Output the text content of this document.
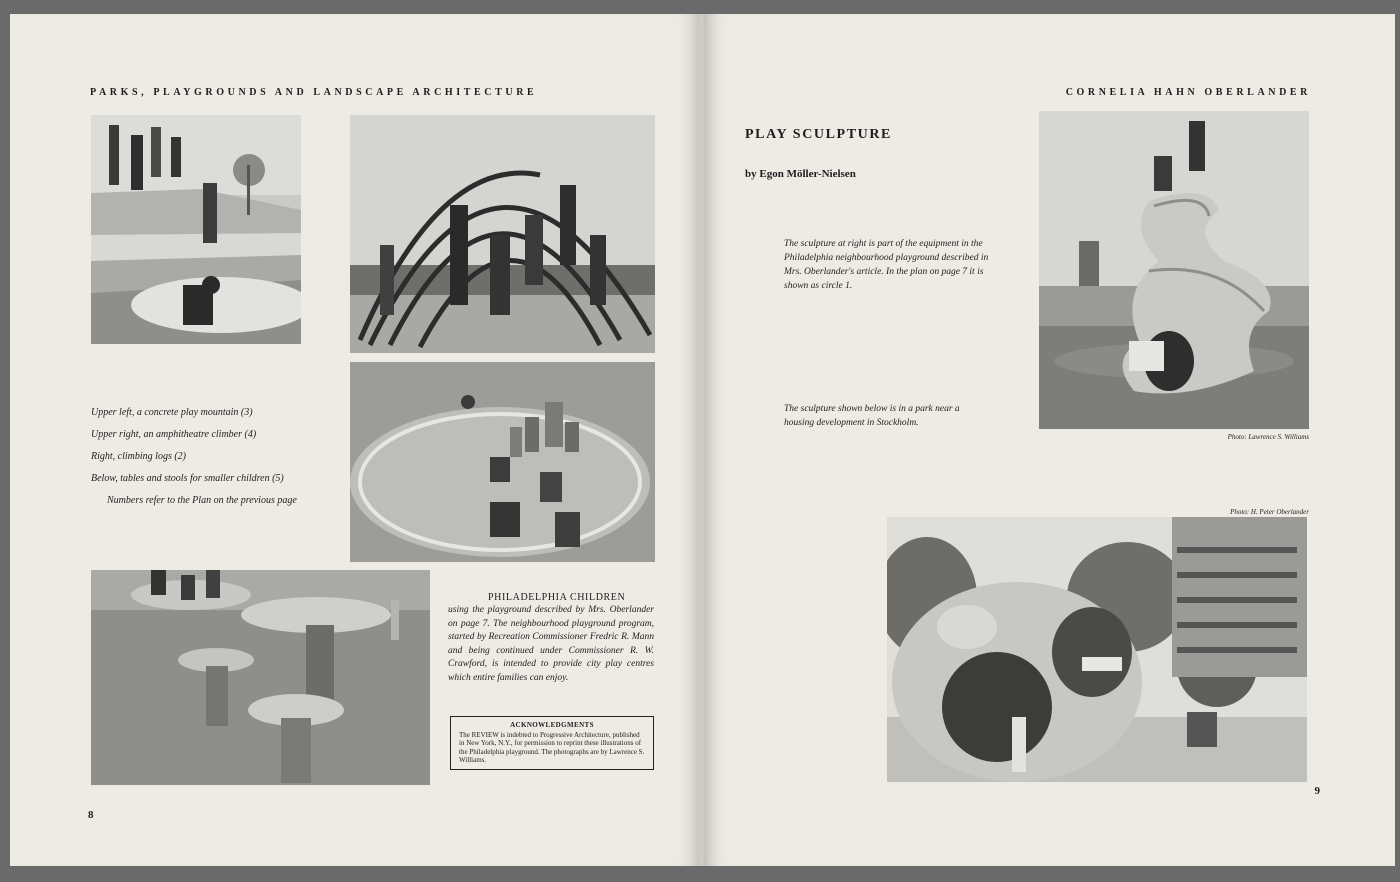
PARKS, PLAYGROUNDS AND LANDSCAPE ARCHITECTURE
Upper left, a concrete play mountain (3)
Upper right, an amphitheatre climber (4)
Right, climbing logs (2)
Below, tables and stools for smaller children (5)
Numbers refer to the Plan on the previous page
PHILADELPHIA CHILDREN
using the playground described by Mrs. Oberlander on page 7. The neighbourhood playground program, started by Recreation Commissioner Fredric R. Mann and being continued under Commissioner R. W. Crawford, is intended to provide city play centres which entire families can enjoy.
ACKNOWLEDGMENTS
The REVIEW is indebted to Progressive Architecture, published in New York, N.Y., for permission to reprint these illustrations of the Philadelphia playground. The photographs are by Lawrence S. Williams.
8
CORNELIA HAHN OBERLANDER
PLAY SCULPTURE
by Egon Möller-Nielsen
The sculpture at right is part of the equipment in the Philadelphia neighbourhood playground described in Mrs. Oberlander's article. In the plan on page 7 it is shown as circle 1.
The sculpture shown below is in a park near a housing development in Stockholm.
Photo: Lawrence S. Williams
Photo: H. Peter Oberlander
9
